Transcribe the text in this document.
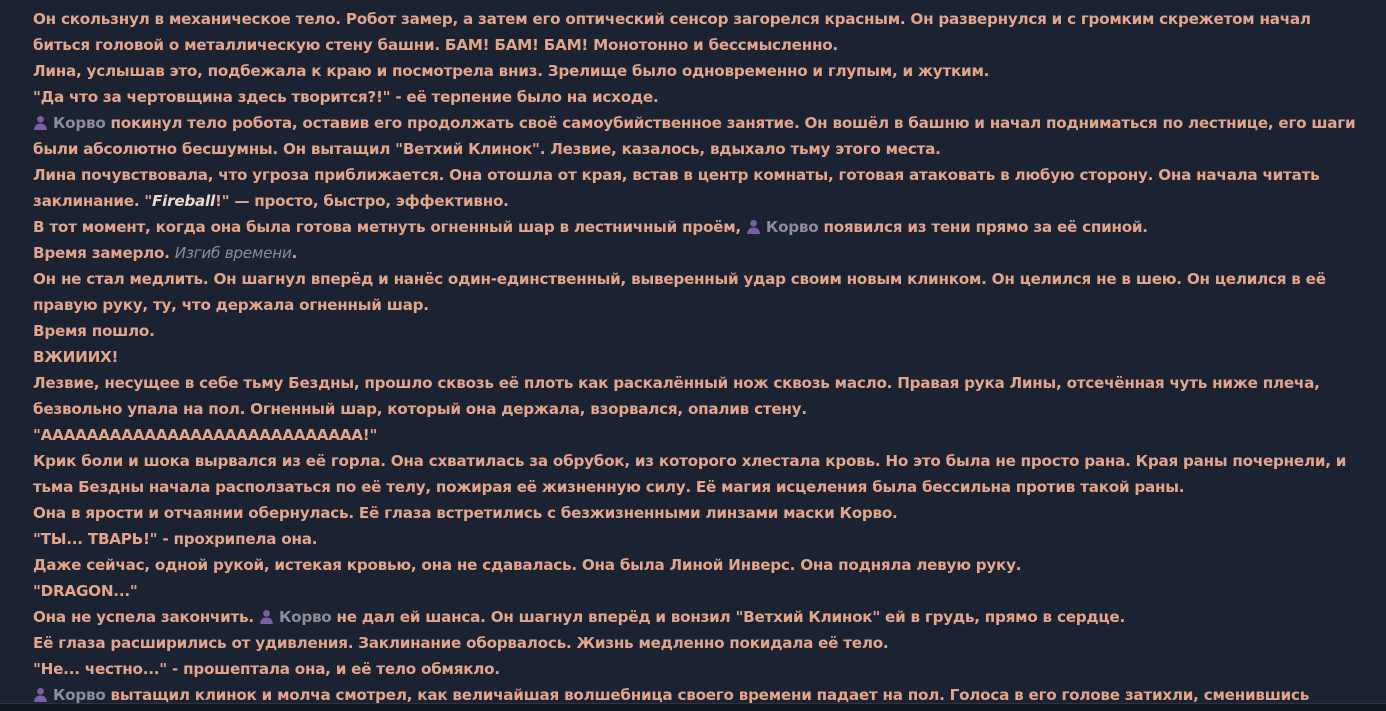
Он скользнул в механическое тело. Робот замер, а затем его оптический сенсор загорелся красным. Он развернулся и с громким скрежетом начал биться головой о металлическую стену башни. БАМ! БАМ! БАМ! Монотонно и бессмысленно.
Лина, услышав это, подбежала к краю и посмотрела вниз. Зрелище было одновременно и глупым, и жутким.
"Да что за чертовщина здесь творится?!" - её терпение было на исходе.
Корво покинул тело робота, оставив его продолжать своё самоубийственное занятие. Он вошёл в башню и начал подниматься по лестнице, его шаги были абсолютно бесшумны. Он вытащил "Ветхий Клинок". Лезвие, казалось, вдыхало тьму этого места.
Лина почувствовала, что угроза приближается. Она отошла от края, встав в центр комнаты, готовая атаковать в любую сторону. Она начала читать заклинание. "Fireball!" — просто, быстро, эффективно.
В тот момент, когда она была готова метнуть огненный шар в лестничный проём, Корво появился из тени прямо за её спиной.
Время замерло. Изгиб времени.
Он не стал медлить. Он шагнул вперёд и нанёс один-единственный, выверенный удар своим новым клинком. Он целился не в шею. Он целился в её правую руку, ту, что держала огненный шар.
Время пошло.
ВЖИИИХ!
Лезвие, несущее в себе тьму Бездны, прошло сквозь её плоть как раскалённый нож сквозь масло. Правая рука Лины, отсечённая чуть ниже плеча, безвольно упала на пол. Огненный шар, который она держала, взорвался, опалив стену.
"АААААААААААААААААААААААААААА!"
Крик боли и шока вырвался из её горла. Она схватилась за обрубок, из которого хлестала кровь. Но это была не просто рана. Края раны почернели, и тьма Бездны начала расползаться по её телу, пожирая её жизненную силу. Её магия исцеления была бессильна против такой раны.
Она в ярости и отчаянии обернулась. Её глаза встретились с безжизненными линзами маски Корво.
"ТЫ... ТВАРЬ!" - прохрипела она.
Даже сейчас, одной рукой, истекая кровью, она не сдавалась. Она была Линой Инверс. Она подняла левую руку.
"DRAGON..."
Она не успела закончить. Корво не дал ей шанса. Он шагнул вперёд и вонзил "Ветхий Клинок" ей в грудь, прямо в сердце.
Её глаза расширились от удивления. Заклинание оборвалось. Жизнь медленно покидала её тело.
"Не... честно..." - прошептала она, и её тело обмякло.
Корво вытащил клинок и молча смотрел, как величайшая волшебница своего времени падает на пол. Голоса в его голове затихли, сменившись
